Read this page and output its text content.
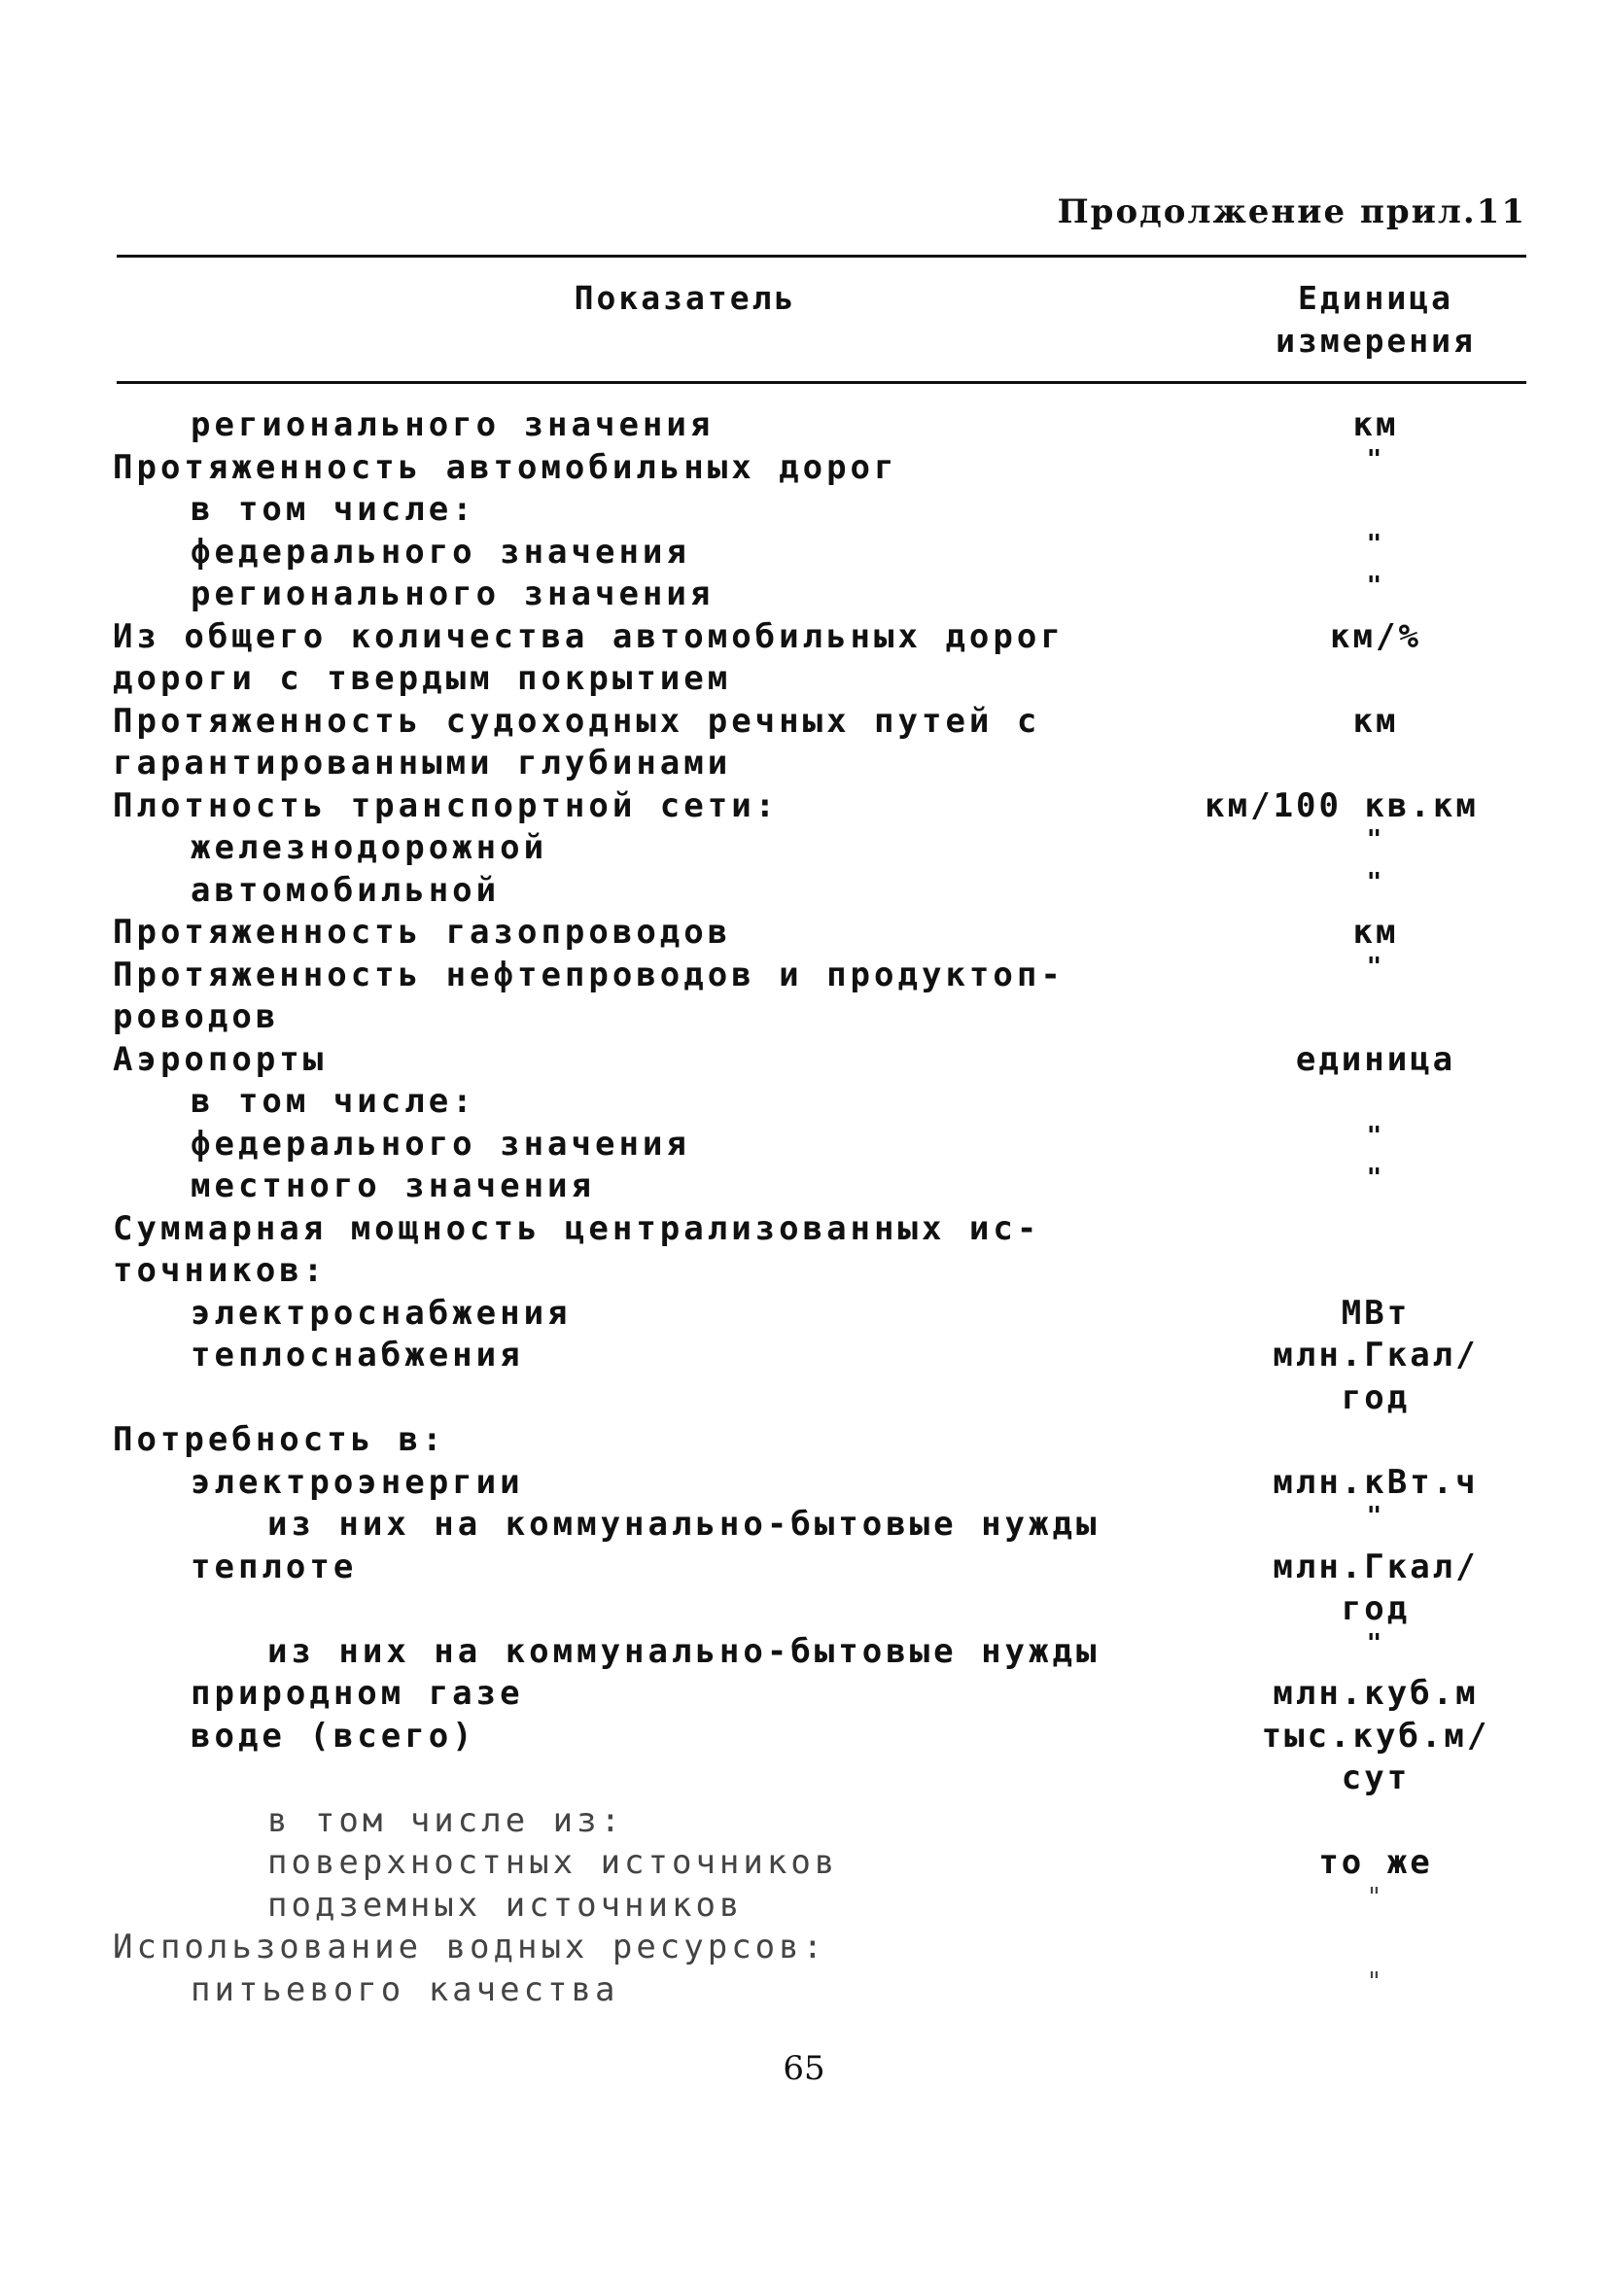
Продолжение прил.11
Показатель	Единица
измерения
регионального значения	км
Протяженность автомобильных дорог	"
в том числе:
федерального значения	"
регионального значения	"
Из общего количества автомобильных дорог	км/%
дороги с твердым покрытием
Протяженность судоходных речных путей с	км
гарантированными глубинами
Плотность транспортной сети:	км/100 кв.км
железнодорожной	"
автомобильной	"
Протяженность газопроводов	км
Протяженность нефтепроводов и продуктоп-	"
роводов
Аэропорты	единица
в том числе:
федерального значения	"
местного значения	"
Суммарная мощность централизованных ис-
точников:
электроснабжения	МВт
теплоснабжения	млн.Гкал/
год
Потребность в:
электроэнергии	млн.кВт.ч
из них на коммунально-бытовые нужды	"
теплоте	млн.Гкал/
год
из них на коммунально-бытовые нужды	"
природном газе	млн.куб.м
воде (всего)	тыс.куб.м/
сут
в том числе из:
поверхностных источников	то же
подземных источников	"
Использование водных ресурсов:
питьевого качества	"
65
